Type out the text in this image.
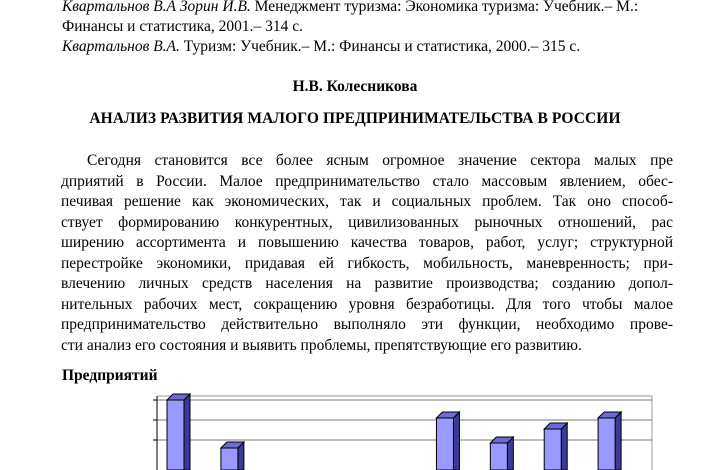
Квартальнов В.А Зорин И.В. Менеджмент туризма: Экономика туризма: Учебник.– М.:
Финансы и статистика, 2001.– 314 с.
Квартальнов В.А. Туризм: Учебник.– М.: Финансы и статистика, 2000.– 315 с.
Н.В. Колесникова
АНАЛИЗ РАЗВИТИЯ МАЛОГО ПРЕДПРИНИМАТЕЛЬСТВА В РОССИИ
Сегодня становится все более ясным огромное значение сектора малых пре
дприятий в России. Малое предпринимательство стало массовым явлением, обес-
печивая решение как экономических, так и социальных проблем. Так оно способ-
ствует формированию конкурентных, цивилизованных рыночных отношений, рас
ширению ассортимента и повышению качества товаров, работ, услуг; структурной
перестройке экономики, придавая ей гибкость, мобильность, маневренность; при-
влечению личных средств населения на развитие производства; созданию допол-
нительных рабочих мест, сокращению уровня безработицы. Для того чтобы малое
предпринимательство действительно выполняло эти функции, необходимо прове-
сти анализ его состояния и выявить проблемы, препятствующие его развитию.
Предприятий
